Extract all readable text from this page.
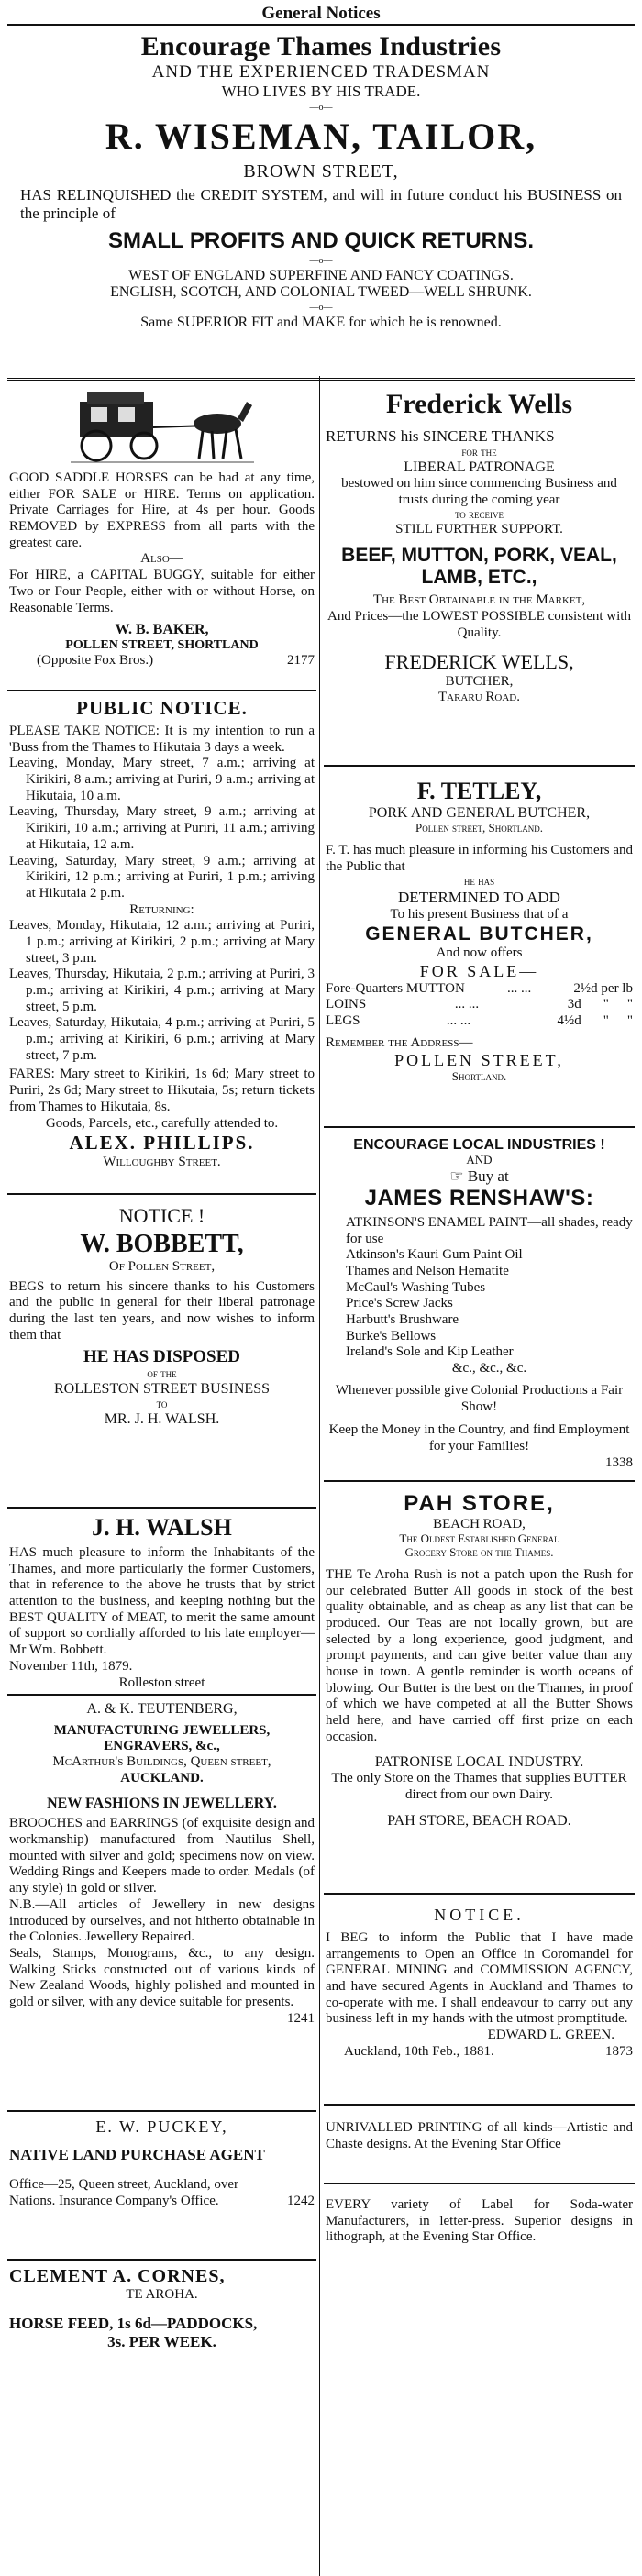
General Notices
Encourage Thames Industries
AND THE EXPERIENCED TRADESMAN
WHO LIVES BY HIS TRADE.
—o—
R. WISEMAN, TAILOR,
BROWN STREET,
HAS RELINQUISHED the CREDIT SYSTEM, and will in future conduct his BUSINESS on the principle of
SMALL PROFITS AND QUICK RETURNS.
—o—
WEST OF ENGLAND SUPERFINE AND FANCY COATINGS.
ENGLISH, SCOTCH, AND COLONIAL TWEED—WELL SHRUNK.
—o—
Same SUPERIOR FIT and MAKE for which he is renowned.
GOOD SADDLE HORSES can be had at any time, either FOR SALE or HIRE. Terms on application. Private Carriages for Hire, at 4s per hour. Goods REMOVED by EXPRESS from all parts with the greatest care.
Also—
For HIRE, a CAPITAL BUGGY, suitable for either Two or Four People, either with or without Horse, on Reasonable Terms.
W. B. BAKER,
POLLEN STREET, SHORTLAND
(Opposite Fox Bros.)	2177
PUBLIC NOTICE.
PLEASE TAKE NOTICE: It is my intention to run a 'Buss from the Thames to Hikutaia 3 days a week.
Leaving, Monday, Mary street, 7 a.m.; arriving at Kirikiri, 8 a.m.; arriving at Puriri, 9 a.m.; arriving at Hikutaia, 10 a.m.
Leaving, Thursday, Mary street, 9 a.m.; arriving at Kirikiri, 10 a.m.; arriving at Puriri, 11 a.m.; arriving at Hikutaia, 12 a.m.
Leaving, Saturday, Mary street, 9 a.m.; arriving at Kirikiri, 12 p.m.; arriving at Puriri, 1 p.m.; arriving at Hikutaia 2 p.m.
Returning:
Leaves, Monday, Hikutaia, 12 a.m.; arriving at Puriri, 1 p.m.; arriving at Kirikiri, 2 p.m.; arriving at Mary street, 3 p.m.
Leaves, Thursday, Hikutaia, 2 p.m.; arriving at Puriri, 3 p.m.; arriving at Kirikiri, 4 p.m.; arriving at Mary street, 5 p.m.
Leaves, Saturday, Hikutaia, 4 p.m.; arriving at Puriri, 5 p.m.; arriving at Kirikiri, 6 p.m.; arriving at Mary street, 7 p.m.
FARES: Mary street to Kirikiri, 1s 6d; Mary street to Puriri, 2s 6d; Mary street to Hikutaia, 5s; return tickets from Thames to Hikutaia, 8s.
Goods, Parcels, etc., carefully attended to.
ALEX. PHILLIPS.
Willoughby Street.
NOTICE !
W. BOBBETT,
Of Pollen Street,
BEGS to return his sincere thanks to his Customers and the public in general for their liberal patronage during the last ten years, and now wishes to inform them that
HE HAS DISPOSED
of the
ROLLESTON STREET BUSINESS
to
MR. J. H. WALSH.
J. H. WALSH
HAS much pleasure to inform the Inhabitants of the Thames, and more particularly the former Customers, that in reference to the above he trusts that by strict attention to the business, and keeping nothing but the BEST QUALITY of MEAT, to merit the same amount of support so cordially afforded to his late employer—Mr Wm. Bobbett.
November 11th, 1879.
Rolleston street
A. & K. TEUTENBERG,
MANUFACTURING JEWELLERS,
ENGRAVERS, &c.,
McArthur's Buildings, Queen street,
AUCKLAND.
NEW FASHIONS IN JEWELLERY.
BROOCHES and EARRINGS (of exquisite design and workmanship) manufactured from Nautilus Shell, mounted with silver and gold; specimens now on view. Wedding Rings and Keepers made to order. Medals (of any style) in gold or silver.
N.B.—All articles of Jewellery in new designs introduced by ourselves, and not hitherto obtainable in the Colonies. Jewellery Repaired.
Seals, Stamps, Monograms, &c., to any design. Walking Sticks constructed out of various kinds of New Zealand Woods, highly polished and mounted in gold or silver, with any device suitable for presents.
1241
E. W. PUCKEY,
NATIVE LAND PURCHASE AGENT
Office—25, Queen street, Auckland, over
Nations. Insurance Company's Office.	1242
CLEMENT A. CORNES,
TE AROHA.
HORSE FEED, 1s 6d—PADDOCKS,
3s. PER WEEK.
Frederick Wells
RETURNS his SINCERE THANKS
for the
LIBERAL PATRONAGE
bestowed on him since commencing Business and trusts during the coming year
to receive
STILL FURTHER SUPPORT.
BEEF, MUTTON, PORK, VEAL, LAMB, ETC.,
The Best Obtainable in the Market,
And Prices—the LOWEST POSSIBLE consistent with Quality.
FREDERICK WELLS,
BUTCHER,
Tararu Road.
F. TETLEY,
PORK AND GENERAL BUTCHER,
Pollen street, Shortland.
F. T. has much pleasure in informing his Customers and the Public that
he has
DETERMINED TO ADD
To his present Business that of a
GENERAL BUTCHER,
And now offers
FOR SALE—
Fore-Quarters MUTTON	... ...	2½d per lb
LOINS	... ...	3d " "
LEGS	... ...	4½d " "
Remember the Address—
POLLEN STREET,
Shortland.
ENCOURAGE LOCAL INDUSTRIES !
AND
☞ Buy at
JAMES RENSHAW'S:
ATKINSON'S ENAMEL PAINT—all shades, ready for use
Atkinson's Kauri Gum Paint Oil
Thames and Nelson Hematite
McCaul's Washing Tubes
Price's Screw Jacks
Harbutt's Brushware
Burke's Bellows
Ireland's Sole and Kip Leather
&c., &c., &c.
Whenever possible give Colonial Productions a Fair Show!
Keep the Money in the Country, and find Employment for your Families!
1338
PAH STORE,
BEACH ROAD,
The Oldest Established General
Grocery Store on the Thames.
THE Te Aroha Rush is not a patch upon the Rush for our celebrated Butter All goods in stock of the best quality obtainable, and as cheap as any list that can be produced. Our Teas are not locally grown, but are selected by a long experience, good judgment, and prompt payments, and can give better value than any house in town. A gentle reminder is worth oceans of blowing. Our Butter is the best on the Thames, in proof of which we have competed at all the Butter Shows held here, and have carried off first prize on each occasion.
PATRONISE LOCAL INDUSTRY.
The only Store on the Thames that supplies BUTTER direct from our own Dairy.
PAH STORE, BEACH ROAD.
NOTICE.
I BEG to inform the Public that I have made arrangements to Open an Office in Coromandel for GENERAL MINING and COMMISSION AGENCY, and have secured Agents in Auckland and Thames to co-operate with me. I shall endeavour to carry out any business left in my hands with the utmost promptitude.
EDWARD L. GREEN.
Auckland, 10th Feb., 1881.	1873
UNRIVALLED PRINTING of all kinds—Artistic and Chaste designs. At the Evening Star Office
EVERY variety of Label for Soda-water Manufacturers, in letter-press. Superior designs in lithograph, at the Evening Star Office.
